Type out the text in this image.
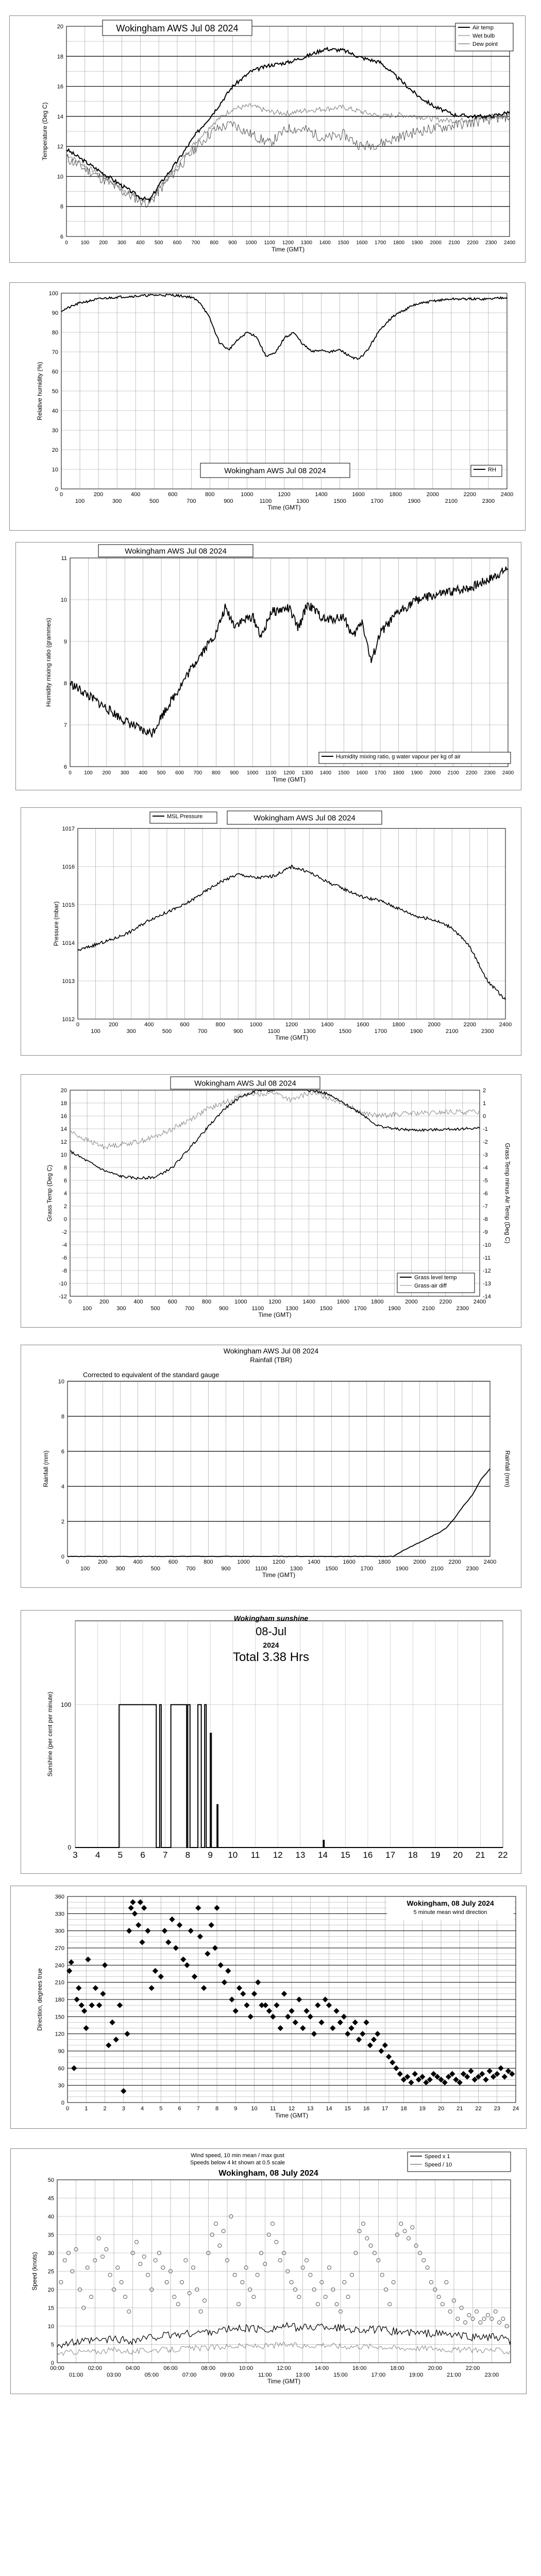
6
8
10
12
14
16
18
20
0 100 200 300 400 500 600 700 800 900 1000 1100 1200 1300 1400 1500 1600 1700 1800 1900 2000 2100 2200 2300 2400
Time (GMT)
Temperature (Deg C)
Wokingham AWS Jul 08 2024	Air temp
Wet bulb
Dew point
0
10
20
30
40
50
60
70
80
90
100
0	200	400	600	800	1000	1200	1400	1600	1800	2000	2200	2400
100	300	500	700	900	1100	1300	1500	1700	1900	2100	2300
Time (GMT)
Relative humidity (%)
Wokingham AWS Jul 08 2024	RH
6
7
8
9
10
11
0 100 200 300 400 500 600 700 800 900 1000 1100 1200 1300 1400 1500 1600 1700 1800 1900 2000 2100 2200 2300 2400
Time (GMT)
Humidity mixing ratio (grammes)
Wokingham AWS Jul 08 2024
Humidity mixing ratio, g water vapour per kg of air
1012
1013
1014
1015
1016
1017
0	200	400	600	800	1000	1200	1400	1600	1800	2000	2200	2400
100	300	500	700	900	1100	1300	1500	1700	1900	2100	2300
Time (GMT)
Pressure (mbar)
MSL Pressure	Wokingham AWS Jul 08 2024
-12
-10
-8
-6
-4
-2
0
2
4
6
8
10
12
14
16
18
20
-14
-13
-12
-11
-10
-9
-8
-7
-6
-5
-4
-3
-2
-1
0
1
2
0	200	400	600	800	1000	1200	1400	1600	1800	2000	2200	2400
100	300	500	700	900	1100	1300	1500	1700	1900	2100	2300
Time (GMT)
Grass Temp (Deg C)	Grass Temp minus Air Temp (Deg C)
Wokingham AWS Jul 08 2024
Grass level temp
Grass-air diff
0
2
4
6
8
10
0	200	400	600	800	1000	1200	1400	1600	1800	2000	2200	2400
100	300	500	700	900	1100	1300	1500	1700	1900	2100	2300
Time (GMT)
Rainfall (mm)	Rainfall (mm)
Wokingham AWS Jul 08 2024
Rainfall (TBR)
Corrected to equivalent of the standard gauge
3 4 5 6 7 8 9 10 11 12 13 14 15 16 17 18 19 20 21 22
0
100
Sunshine (per cent per minute)
Wokingham sunshine
08-Jul
2024
Total 3.38 Hrs
0
30
60
90
120
150
180
210
240
270
300
330
360
0	1	2	3	4	5	6	7	8	9 10 11 12 13 14 15 16 17 18 19 20 21 22 23 24
Time (GMT)
Direction, degrees true
Wokingham, 08 July 2024
5 minute mean wind direction
0
5
10
15
20
25
30
35
40
45
50
00:00	02:00	04:00	06:00	08:00	10:00	12:00	14:00	16:00	18:00	20:00	22:00
01:00	03:00	05:00	07:00	09:00	11:00	13:00	15:00	17:00	19:00	21:00	23:00
Time (GMT)
Speed (knots)
Wind speed, 10 min mean / max gust
Speeds below 4 kt shown at 0.5 scale
Wokingham, 08 July 2024
Speed x 1
Speed / 10
